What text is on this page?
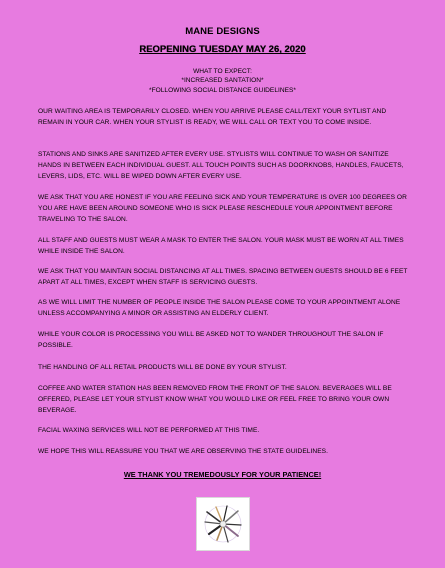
MANE DESIGNS
REOPENING TUESDAY MAY 26, 2020
WHAT TO EXPECT:
*INCREASED SANTATION*
*FOLLOWING SOCIAL DISTANCE GUIDELINES*
OUR WAITING AREA IS TEMPORARILY CLOSED. WHEN YOU ARRIVE PLEASE CALL/TEXT YOUR SYTLIST AND REMAIN IN YOUR CAR. WHEN YOUR STYLIST IS READY, WE WILL CALL OR TEXT YOU TO COME INSIDE.
STATIONS AND SINKS ARE SANITIZED AFTER EVERY USE. STYLISTS WILL CONTINUE TO WASH OR SANITIZE HANDS IN BETWEEN EACH INDIVIDUAL GUEST. ALL TOUCH POINTS SUCH AS DOORKNOBS, HANDLES, FAUCETS, LEVERS, LIDS, ETC. WILL BE WIPED DOWN AFTER EVERY USE.
WE ASK THAT YOU ARE HONEST IF YOU ARE FEELING SICK AND YOUR TEMPERATURE IS OVER 100 DEGREES OR YOU ARE HAVE BEEN AROUND SOMEONE WHO IS SICK PLEASE RESCHEDULE YOUR APPOINTMENT BEFORE TRAVELING TO THE SALON.
ALL STAFF AND GUESTS MUST WEAR A MASK TO ENTER THE SALON. YOUR MASK MUST BE WORN AT ALL TIMES WHILE INSIDE THE SALON.
WE ASK THAT YOU MAINTAIN SOCIAL DISTANCING AT ALL TIMES. SPACING BETWEEN GUESTS SHOULD BE 6 FEET APART AT ALL TIMES, EXCEPT WHEN STAFF IS SERVICING GUESTS.
AS WE WILL LIMIT THE NUMBER OF PEOPLE INSIDE THE SALON PLEASE COME TO YOUR APPOINTMENT ALONE UNLESS ACCOMPANYING A MINOR OR ASSISTING AN ELDERLY CLIENT.
WHILE YOUR COLOR IS PROCESSING YOU WILL BE ASKED NOT TO WANDER THROUGHOUT THE SALON IF POSSIBLE.
THE HANDLING OF ALL RETAIL PRODUCTS WILL BE DONE BY YOUR STYLIST.
COFFEE AND WATER STATION HAS BEEN REMOVED FROM THE FRONT OF THE SALON. BEVERAGES WILL BE OFFERED, PLEASE LET YOUR STYLIST KNOW WHAT YOU WOULD LIKE OR FEEL FREE TO BRING YOUR OWN BEVERAGE.
FACIAL WAXING SERVICES WILL NOT BE PERFORMED AT THIS TIME.
WE HOPE THIS WILL REASSURE YOU THAT WE ARE OBSERVING THE STATE GUIDELINES.
WE THANK YOU TREMEDOUSLY FOR YOUR PATIENCE!
